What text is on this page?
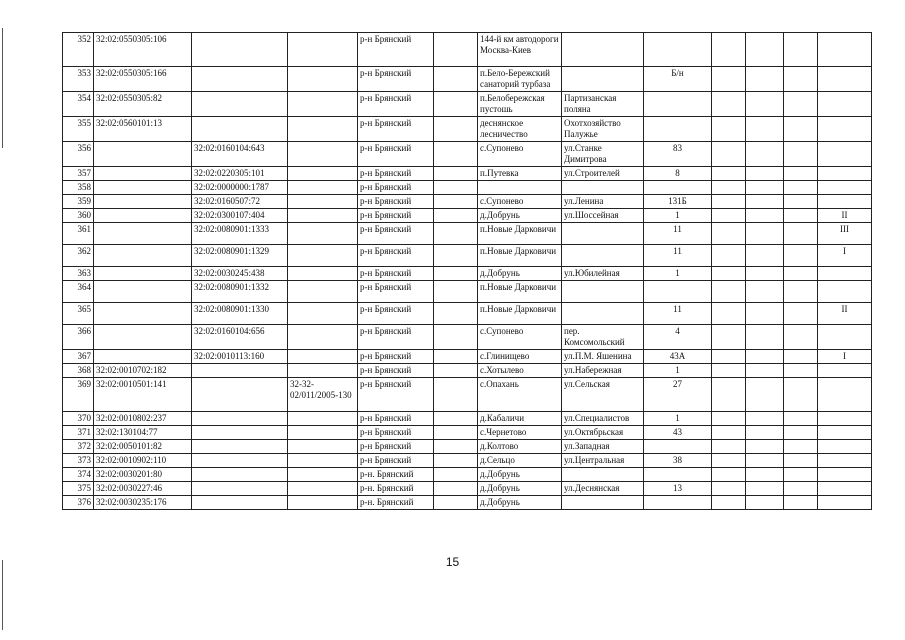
352	32:02:0550305:106			р-н Брянский		144-й км автодороги Москва-Киев						
353	32:02:0550305:166			р-н Брянский		п.Бело-Бережский санаторий турбаза		Б/н				
354	32:02:0550305:82			р-н Брянский		п.Белобережская пустошь	Партизанская поляна					
355	32:02:0560101:13			р-н Брянский		деснянское лесничество	Охотхозяйство Палужье					
356		32:02:0160104:643		р-н Брянский		с.Супонево	ул.Станке Димитрова	83				
357		32:02:0220305:101		р-н Брянский		п.Путевка	ул.Строителей	8				
358		32:02:0000000:1787		р-н Брянский								
359		32:02:0160507:72		р-н Брянский		с.Супонево	ул.Ленина	131Б				
360		32:02:0300107:404		р-н Брянский		д.Добрунь	ул.Шоссейная	1				II
361		32:02:0080901:1333		р-н Брянский		п.Новые Дарковичи		11				III
362		32:02:0080901:1329		р-н Брянский		п.Новые Дарковичи		11				I
363		32:02:0030245:438		р-н Брянский		д.Добрунь	ул.Юбилейная	1				
364		32:02:0080901:1332		р-н Брянский		п.Новые Дарковичи						
365		32:02:0080901:1330		р-н Брянский		п.Новые Дарковичи		11				II
366		32:02:0160104:656		р-н Брянский		с.Супонево	пер. Комсомольский	4				
367		32:02:0010113:160		р-н Брянский		с.Глинищево	ул.П.М. Яшенина	43А				I
368	32:02:0010702:182			р-н Брянский		с.Хотылево	ул.Набережная	1				
369	32:02:0010501:141		32-32-02/011/2005-130	р-н Брянский		с.Опахань	ул.Сельская	27				
370	32:02:0010802:237			р-н Брянский		д.Кабаличи	ул.Специалистов	1				
371	32:02:130104:77			р-н Брянский		с.Чернетово	ул.Октябрьская	43				
372	32:02:0050101:82			р-н Брянский		д.Колтово	ул.Западная					
373	32:02:0010902:110			р-н Брянский		д.Сельцо	ул.Центральная	38				
374	32:02:0030201:80			р-н. Брянский		д.Добрунь						
375	32:02:0030227:46			р-н. Брянский		д.Добрунь	ул.Деснянская	13				
376	32:02:0030235:176			р-н. Брянский		д.Добрунь						
15
